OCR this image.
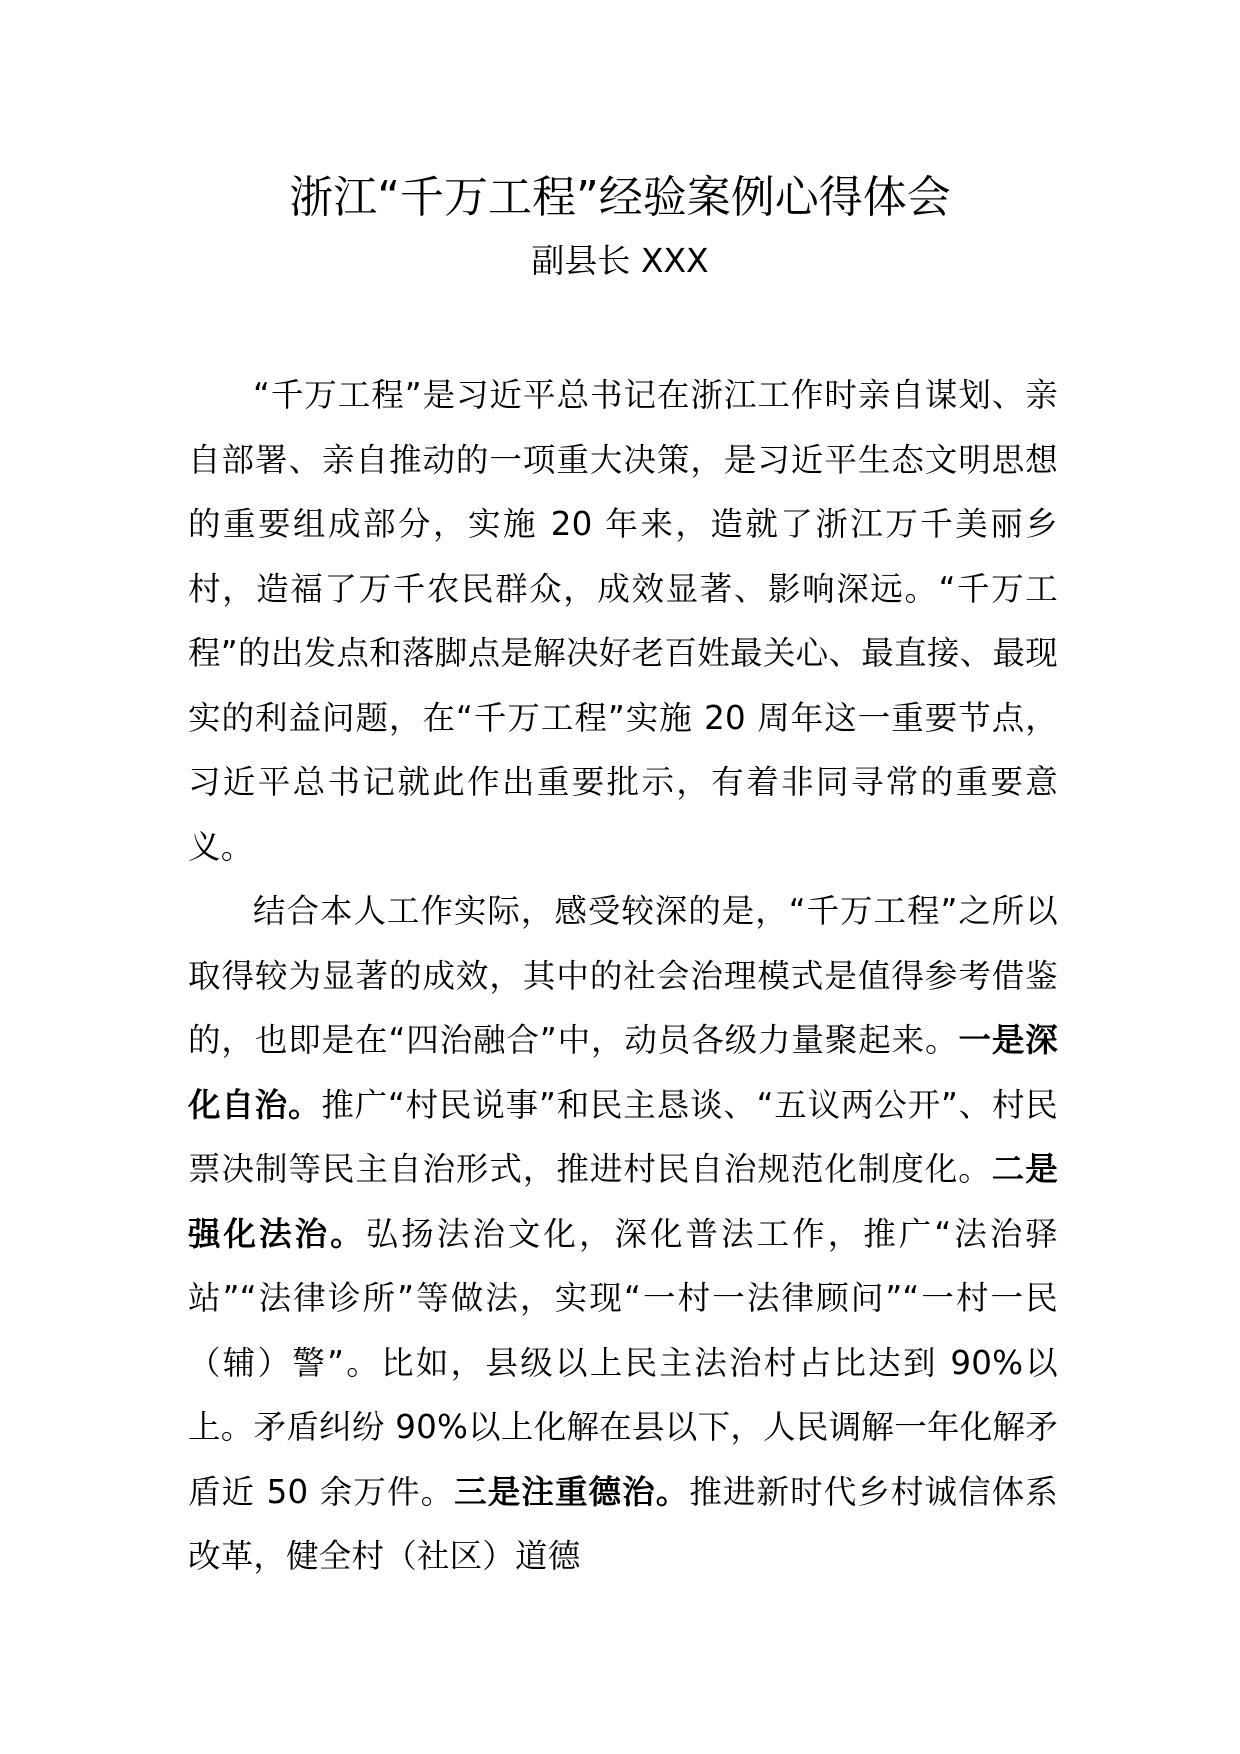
浙江“千万工程”经验案例心得体会
副县长 XXX

“千万工程”是习近平总书记在浙江工作时亲自谋划、亲自部署、亲自推动的一项重大决策，是习近平生态文明思想的重要组成部分，实施 20 年来，造就了浙江万千美丽乡村，造福了万千农民群众，成效显著、影响深远。“千万工程”的出发点和落脚点是解决好老百姓最关心、最直接、最现实的利益问题，在“千万工程”实施 20 周年这一重要节点，习近平总书记就此作出重要批示，有着非同寻常的重要意义。

结合本人工作实际，感受较深的是，“千万工程”之所以取得较为显著的成效，其中的社会治理模式是值得参考借鉴的，也即是在“四治融合”中，动员各级力量聚起来。一是深化自治。推广“村民说事”和民主恳谈、“五议两公开”、村民票决制等民主自治形式，推进村民自治规范化制度化。二是强化法治。弘扬法治文化，深化普法工作，推广“法治驿站”“法律诊所”等做法，实现“一村一法律顾问”“一村一民（辅）警”。比如，县级以上民主法治村占比达到 90%以上。矛盾纠纷 90%以上化解在县以下，人民调解一年化解矛盾近 50 余万件。三是注重德治。推进新时代乡村诚信体系改革，健全村（社区）道德
